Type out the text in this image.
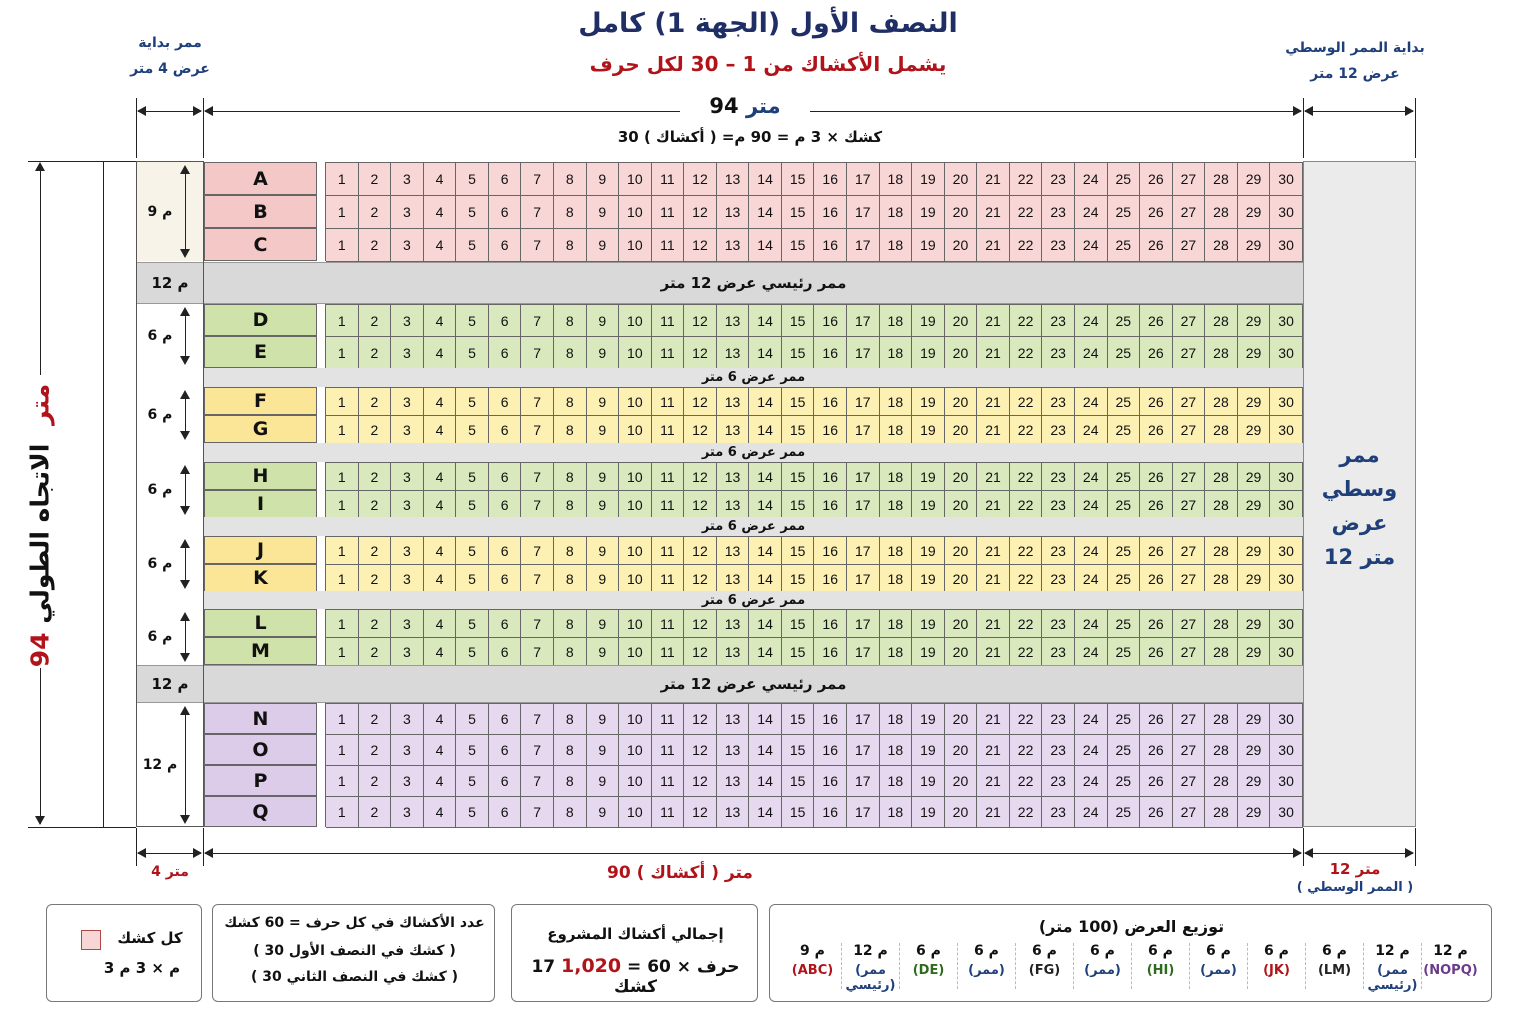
النصف الأول (الجهة 1) كامل
يشمل الأكشاك من 1 – 30 لكل حرف
ممر بداية
عرض 4 متر
بداية الممر الوسطي
عرض 12 متر
94 متر
30 كشك × 3 م = 90 م= ( أكشاك )
94 متر الاتجاه الطولي	ممر
وسطي
عرض
12 متر
9 م
A	1	2	3	4	5	6	7	8	9	10	11	12	13	14	15	16	17	18	19	20	21	22	23	24	25	26	27	28	29	30
B	1	2	3	4	5	6	7	8	9	10	11	12	13	14	15	16	17	18	19	20	21	22	23	24	25	26	27	28	29	30
C	1	2	3	4	5	6	7	8	9	10	11	12	13	14	15	16	17	18	19	20	21	22	23	24	25	26	27	28	29	30
6 م
D	1	2	3	4	5	6	7	8	9	10	11	12	13	14	15	16	17	18	19	20	21	22	23	24	25	26	27	28	29	30
E	1	2	3	4	5	6	7	8	9	10	11	12	13	14	15	16	17	18	19	20	21	22	23	24	25	26	27	28	29	30
6 م
F	1	2	3	4	5	6	7	8	9	10	11	12	13	14	15	16	17	18	19	20	21	22	23	24	25	26	27	28	29	30
G	1	2	3	4	5	6	7	8	9	10	11	12	13	14	15	16	17	18	19	20	21	22	23	24	25	26	27	28	29	30
6 م
H	1	2	3	4	5	6	7	8	9	10	11	12	13	14	15	16	17	18	19	20	21	22	23	24	25	26	27	28	29	30
I	1	2	3	4	5	6	7	8	9	10	11	12	13	14	15	16	17	18	19	20	21	22	23	24	25	26	27	28	29	30
6 م
J	1	2	3	4	5	6	7	8	9	10	11	12	13	14	15	16	17	18	19	20	21	22	23	24	25	26	27	28	29	30
K	1	2	3	4	5	6	7	8	9	10	11	12	13	14	15	16	17	18	19	20	21	22	23	24	25	26	27	28	29	30
6 م
L	1	2	3	4	5	6	7	8	9	10	11	12	13	14	15	16	17	18	19	20	21	22	23	24	25	26	27	28	29	30
M	1	2	3	4	5	6	7	8	9	10	11	12	13	14	15	16	17	18	19	20	21	22	23	24	25	26	27	28	29	30
12 م
N	1	2	3	4	5	6	7	8	9	10	11	12	13	14	15	16	17	18	19	20	21	22	23	24	25	26	27	28	29	30
O	1	2	3	4	5	6	7	8	9	10	11	12	13	14	15	16	17	18	19	20	21	22	23	24	25	26	27	28	29	30
P	1	2	3	4	5	6	7	8	9	10	11	12	13	14	15	16	17	18	19	20	21	22	23	24	25	26	27	28	29	30
Q	1	2	3	4	5	6	7	8	9	10	11	12	13	14	15	16	17	18	19	20	21	22	23	24	25	26	27	28	29	30
12 م	ممر رئيسي عرض 12 متر
ممر عرض 6 متر
ممر عرض 6 متر
ممر عرض 6 متر
ممر عرض 6 متر
12 م	ممر رئيسي عرض 12 متر
4 متر	90 متر ( أكشاك )	12 متر
( الممر الوسطي )
كل كشك
3 م × 3 م
عدد الأكشاك في كل حرف = 60 كشك
( 30 كشك في النصف الأول )
( 30 كشك في النصف الثاني )
إجمالي أكشاك المشروع
17 حرف × 60 = 1,020 كشك
توزيع العرض (100 متر)
12 م
(NOPQ)
12 م
(ممر رئيسي)
6 م
(LM)
6 م
(JK)
6 م
(ممر)
6 م
(HI)
6 م
(ممر)
6 م
(FG)
6 م
(ممر)
6 م
(DE)
12 م
(ممر رئيسي)
9 م
(ABC)
